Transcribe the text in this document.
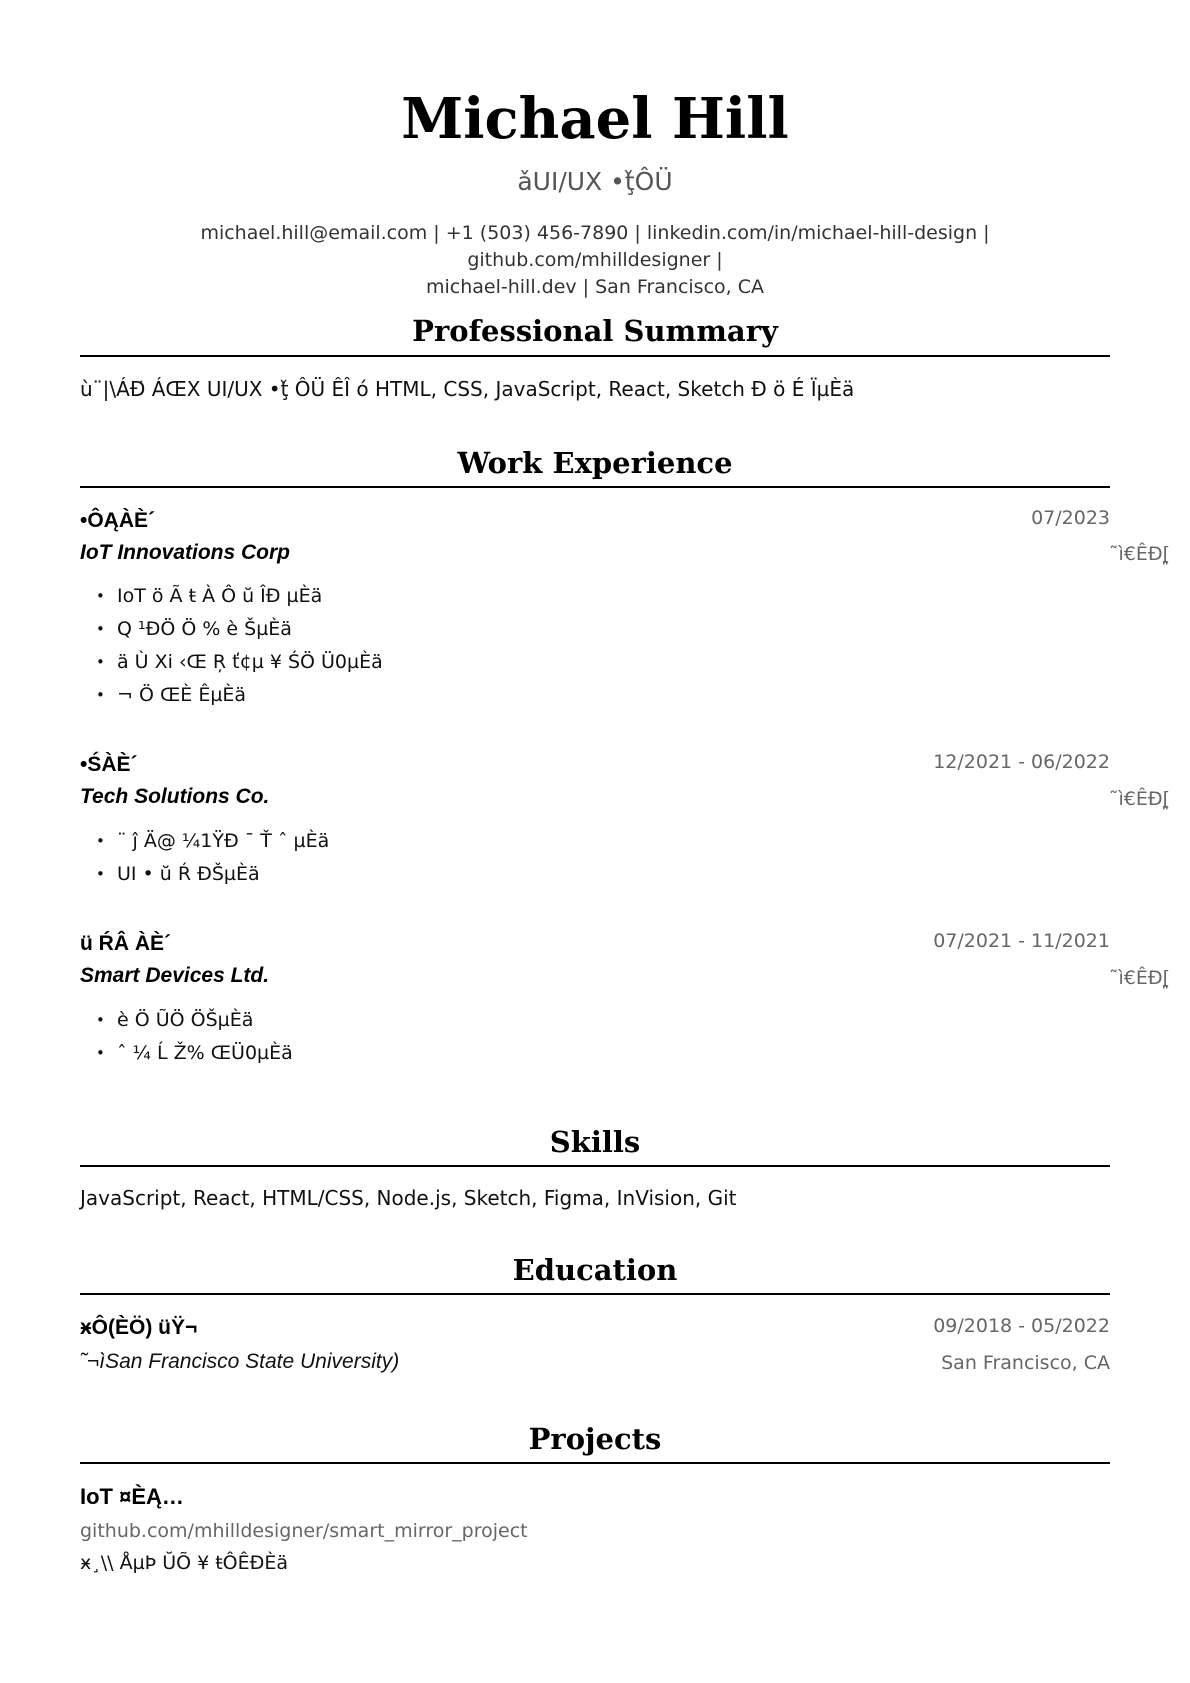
Michael Hill
ǎUI/UX •ţ̌ÔÜ
michael.hill@email.com | +1 (503) 456-7890 | linkedin.com/in/michael-hill-design | github.com/mhilldesigner |
michael-hill.dev | San Francisco, CA
Professional Summary
ù¨|\ÁÐ́ ÁŒX UI/UX •ţ̌ ÔÜ ÊÎ ó HTML, CSS, JavaScript, React, Sketch Ð ö É ÏµÈä
Work Experience
•ÔĄÀÈ´	07/2023
IoT Innovations Corp	˜ì€ÊĐ[͈
• IoT ö Ã ŧ À Ô ŭ ÎÐ µÈä
• Q ¹ÐÖ Ö % è ŠµÈä
• ä Ù Xi ‹Œ Ŗ ť¢µ ¥ ŚÖ Ü0µÈä
• ¬ Ö ŒÈ ÊµÈä
•ŚÀÈ´	12/2021 - 06/2022
Tech Solutions Co.	˜ì€ÊĐ[͈
• ¨ ĵ Ä@ ¼1ŸÐ ¯ Ť ˆ µÈä
• UI • ŭ Ŕ ÐŠµÈä
ü ŔÂ ÀÈ´	07/2021 - 11/2021
Smart Devices Ltd.	˜ì€ÊĐ[͈
• è Ö ŨÖ ÖŠµÈä
• ˆ ¼ Ĺ Ž% ŒÜ0µÈä
Skills
JavaScript, React, HTML/CSS, Node.js, Sketch, Figma, InVision, Git
Education
ӿÔ(ÈÖ) üŸ¬	09/2018 - 05/2022
˜¬ìSan Francisco State University)	San Francisco, CA
Projects
IoT ¤ÈĄ…
github.com/mhilldesigner/smart_mirror_project
ӿ¸\\ ÅµÞ ŬÕ ¥ ŧÔÊÐÈä
